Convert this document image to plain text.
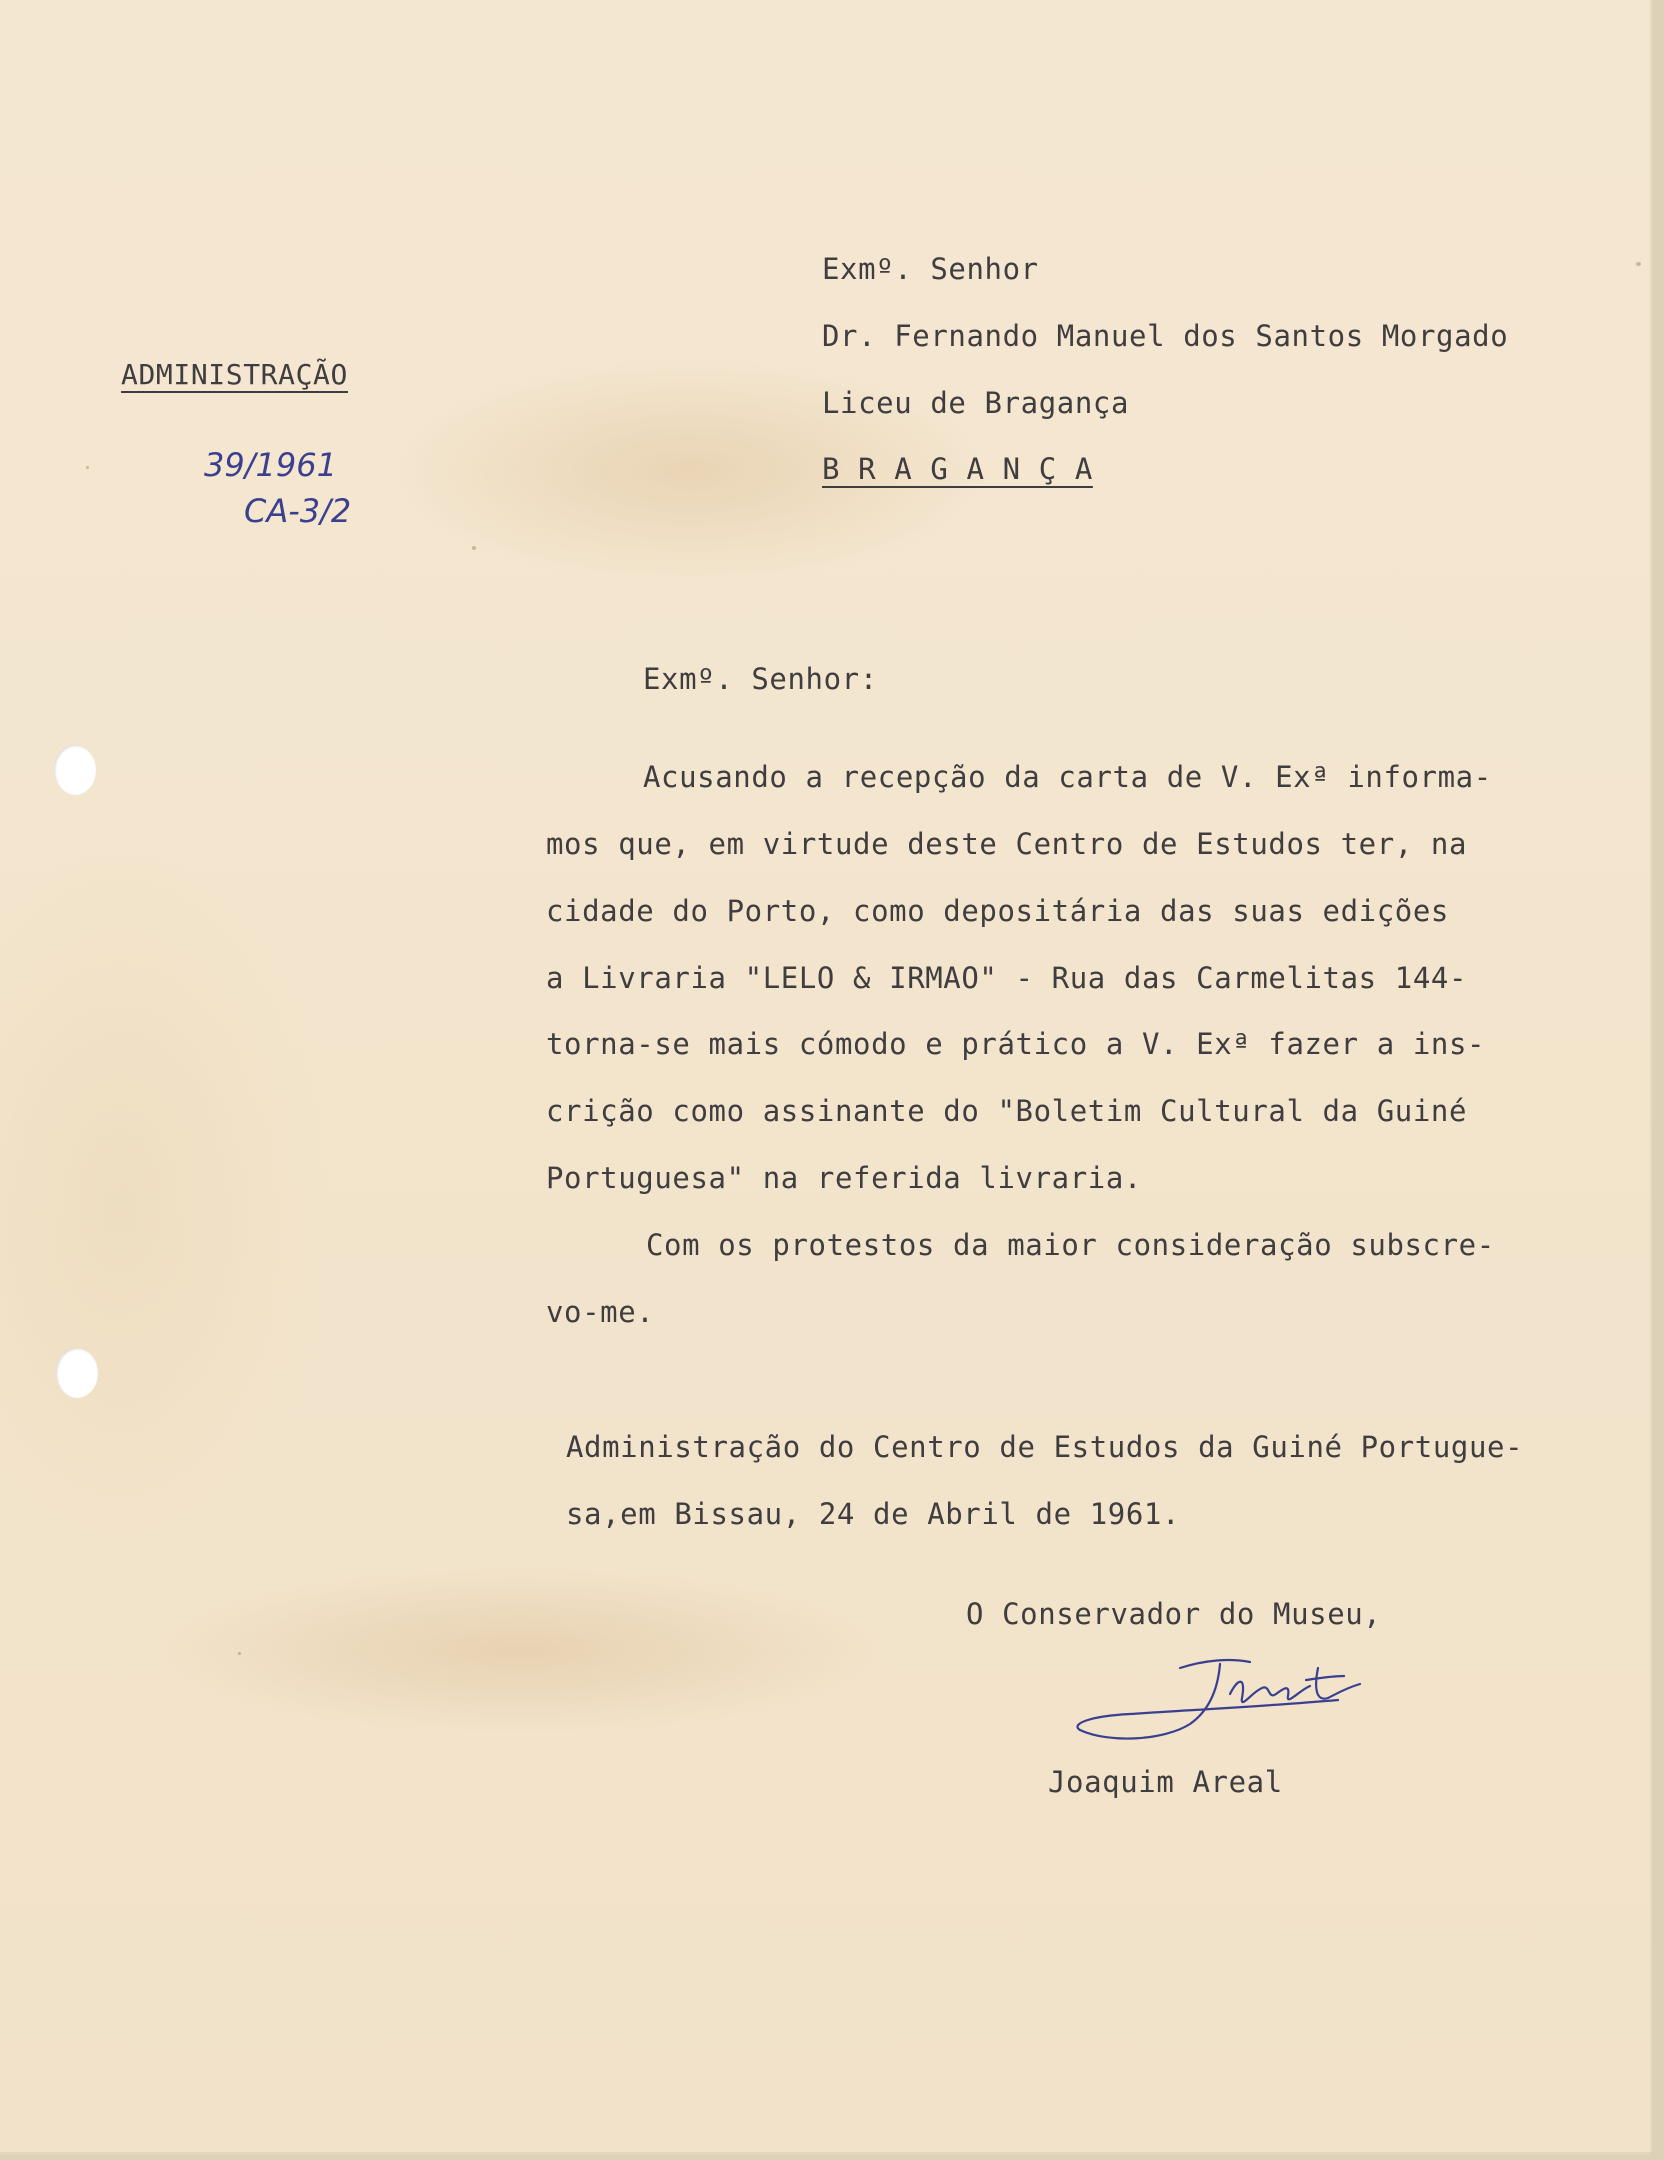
ADMINISTRAÇÃO

39/1961

CA-3/2

Exmº. Senhor

Dr. Fernando Manuel dos Santos Morgado

Liceu de Bragança

B R A G A N Ç A

Exmº. Senhor:

Acusando a recepção da carta de V. Exª informa-

mos que, em virtude deste Centro de Estudos ter, na

cidade do Porto, como depositária das suas edições

a Livraria "LELO & IRMAO" - Rua das Carmelitas 144-

torna-se mais cómodo e prático a V. Exª fazer a ins-

crição como assinante do "Boletim Cultural da Guiné

Portuguesa" na referida livraria.

Com os protestos da maior consideração subscre-

vo-me.

Administração do Centro de Estudos da Guiné Portugue-

sa,em Bissau, 24 de Abril de 1961.

O Conservador do Museu,

Joaquim Areal
